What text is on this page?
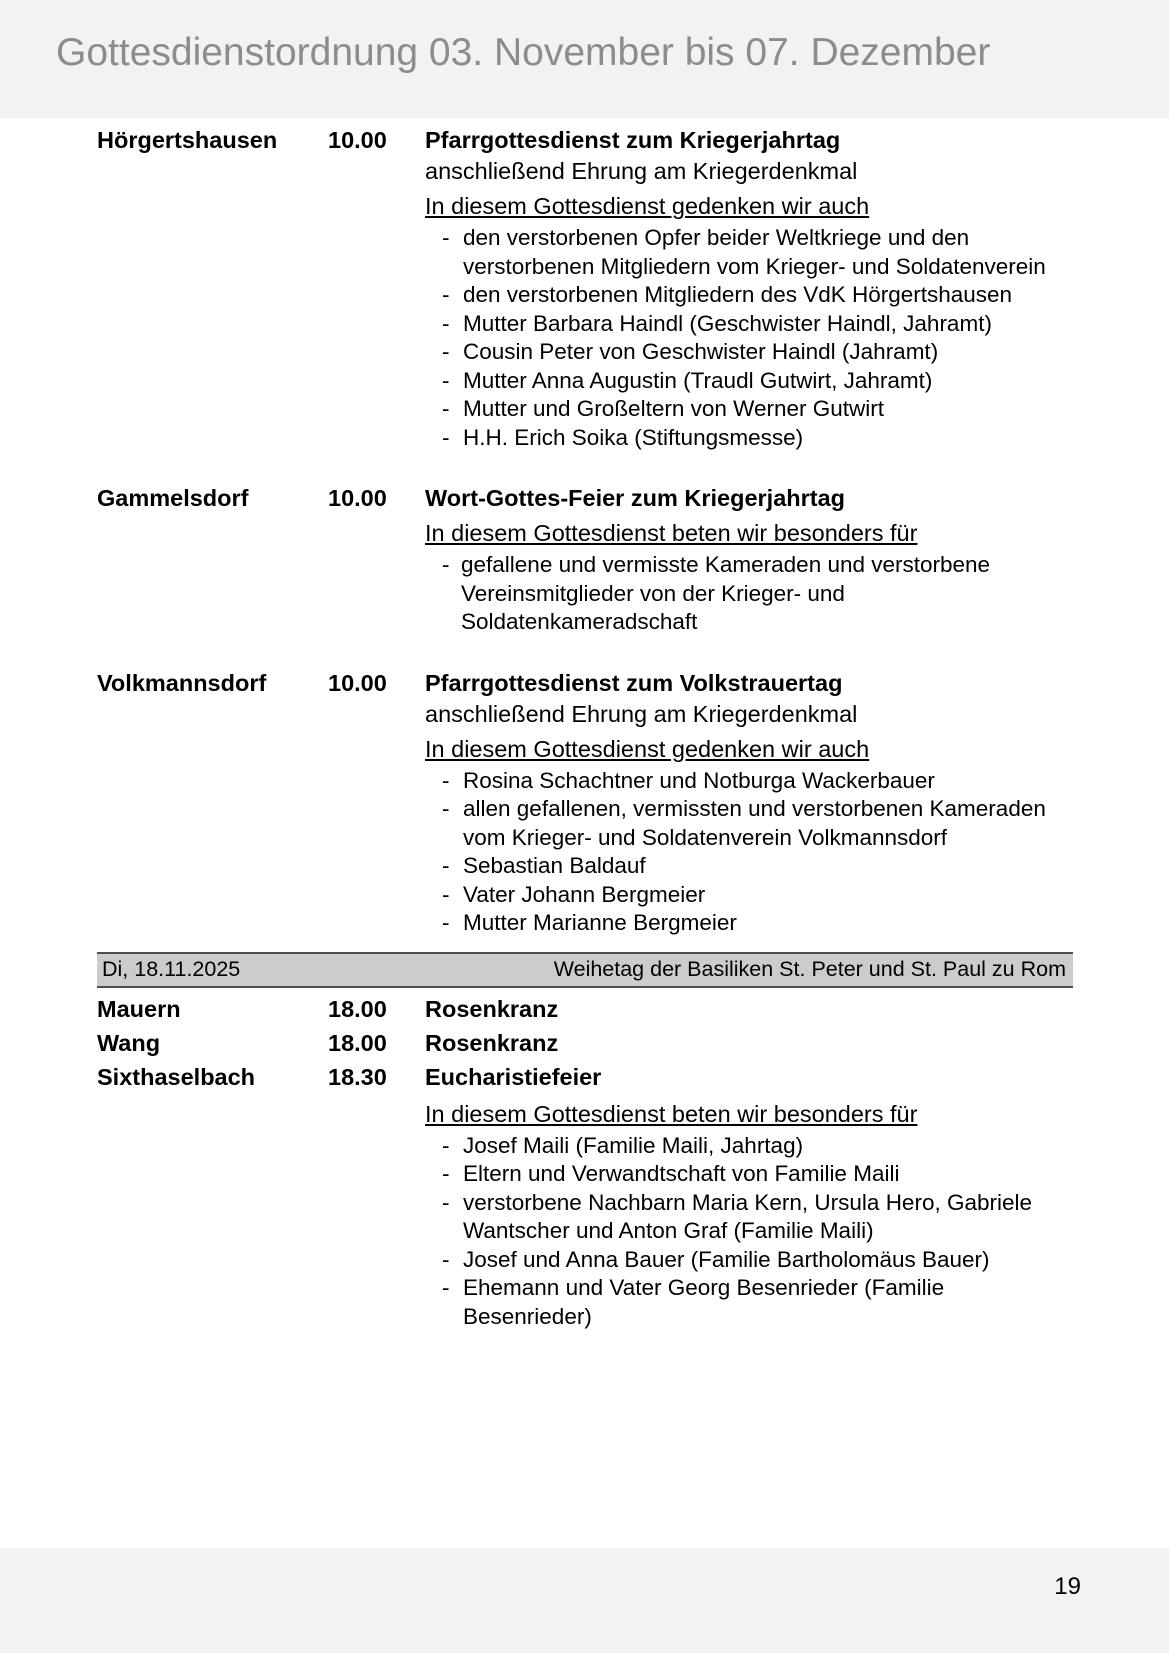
Gottesdienstordnung 03. November bis 07. Dezember
Hörgertshausen	10.00	Pfarrgottesdienst zum Kriegerjahrtag
anschließend Ehrung am Kriegerdenkmal
In diesem Gottesdienst gedenken wir auch
- den verstorbenen Opfer beider Weltkriege und den verstorbenen Mitgliedern vom Krieger- und Soldatenverein
- den verstorbenen Mitgliedern des VdK Hörgertshausen
- Mutter Barbara Haindl (Geschwister Haindl, Jahramt)
- Cousin Peter von Geschwister Haindl (Jahramt)
- Mutter Anna Augustin (Traudl Gutwirt, Jahramt)
- Mutter und Großeltern von Werner Gutwirt
- H.H. Erich Soika (Stiftungsmesse)
Gammelsdorf	10.00	Wort-Gottes-Feier zum Kriegerjahrtag
In diesem Gottesdienst beten wir besonders für
- gefallene und vermisste Kameraden und verstorbene Vereinsmitglieder von der Krieger- und Soldatenkameradschaft
Volkmannsdorf	10.00	Pfarrgottesdienst zum Volkstrauertag
anschließend Ehrung am Kriegerdenkmal
In diesem Gottesdienst gedenken wir auch
- Rosina Schachtner und Notburga Wackerbauer
- allen gefallenen, vermissten und verstorbenen Kameraden vom Krieger- und Soldatenverein Volkmannsdorf
- Sebastian Baldauf
- Vater Johann Bergmeier
- Mutter Marianne Bergmeier
Di, 18.11.2025	Weihetag der Basiliken St. Peter und St. Paul zu Rom
Mauern	18.00	Rosenkranz
Wang	18.00	Rosenkranz
Sixthaselbach	18.30	Eucharistiefeier
In diesem Gottesdienst beten wir besonders für
- Josef Maili (Familie Maili, Jahrtag)
- Eltern und Verwandtschaft von Familie Maili
- verstorbene Nachbarn Maria Kern, Ursula Hero, Gabriele Wantscher und Anton Graf (Familie Maili)
- Josef und Anna Bauer (Familie Bartholomäus Bauer)
- Ehemann und Vater Georg Besenrieder (Familie Besenrieder)
19
